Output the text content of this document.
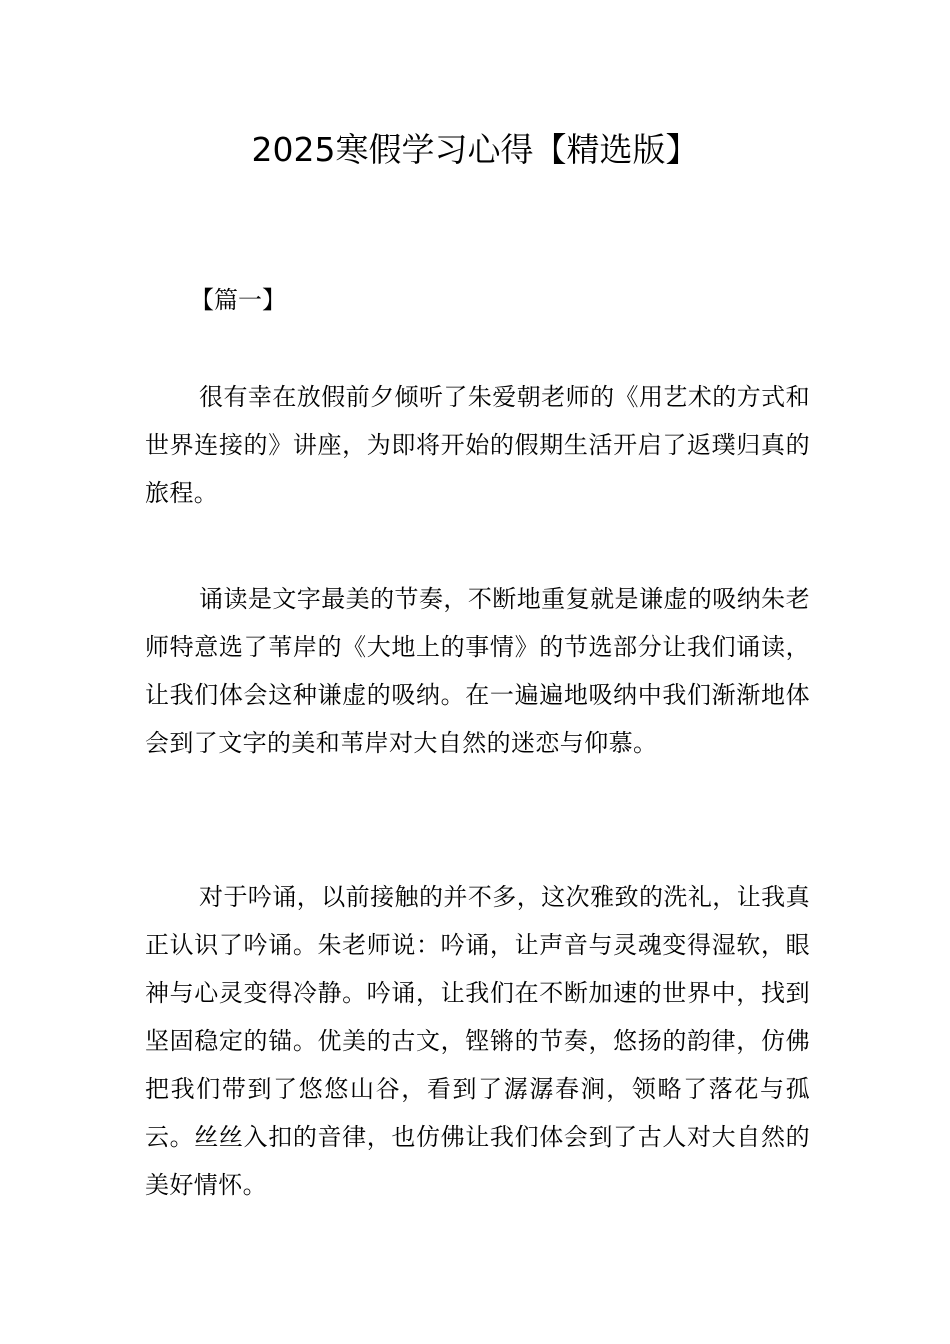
2025寒假学习心得【精选版】
【篇一】

很有幸在放假前夕倾听了朱爱朝老师的《用艺术的方式和世界连接的》讲座，为即将开始的假期生活开启了返璞归真的旅程。

诵读是文字最美的节奏，不断地重复就是谦虚的吸纳朱老师特意选了苇岸的《大地上的事情》的节选部分让我们诵读，让我们体会这种谦虚的吸纳。在一遍遍地吸纳中我们渐渐地体会到了文字的美和苇岸对大自然的迷恋与仰慕。

对于吟诵，以前接触的并不多，这次雅致的洗礼，让我真正认识了吟诵。朱老师说：吟诵，让声音与灵魂变得湿软，眼神与心灵变得冷静。吟诵，让我们在不断加速的世界中，找到坚固稳定的锚。优美的古文，铿锵的节奏，悠扬的韵律，仿佛把我们带到了悠悠山谷，看到了潺潺春涧，领略了落花与孤云。丝丝入扣的音律，也仿佛让我们体会到了古人对大自然的美好情怀。
